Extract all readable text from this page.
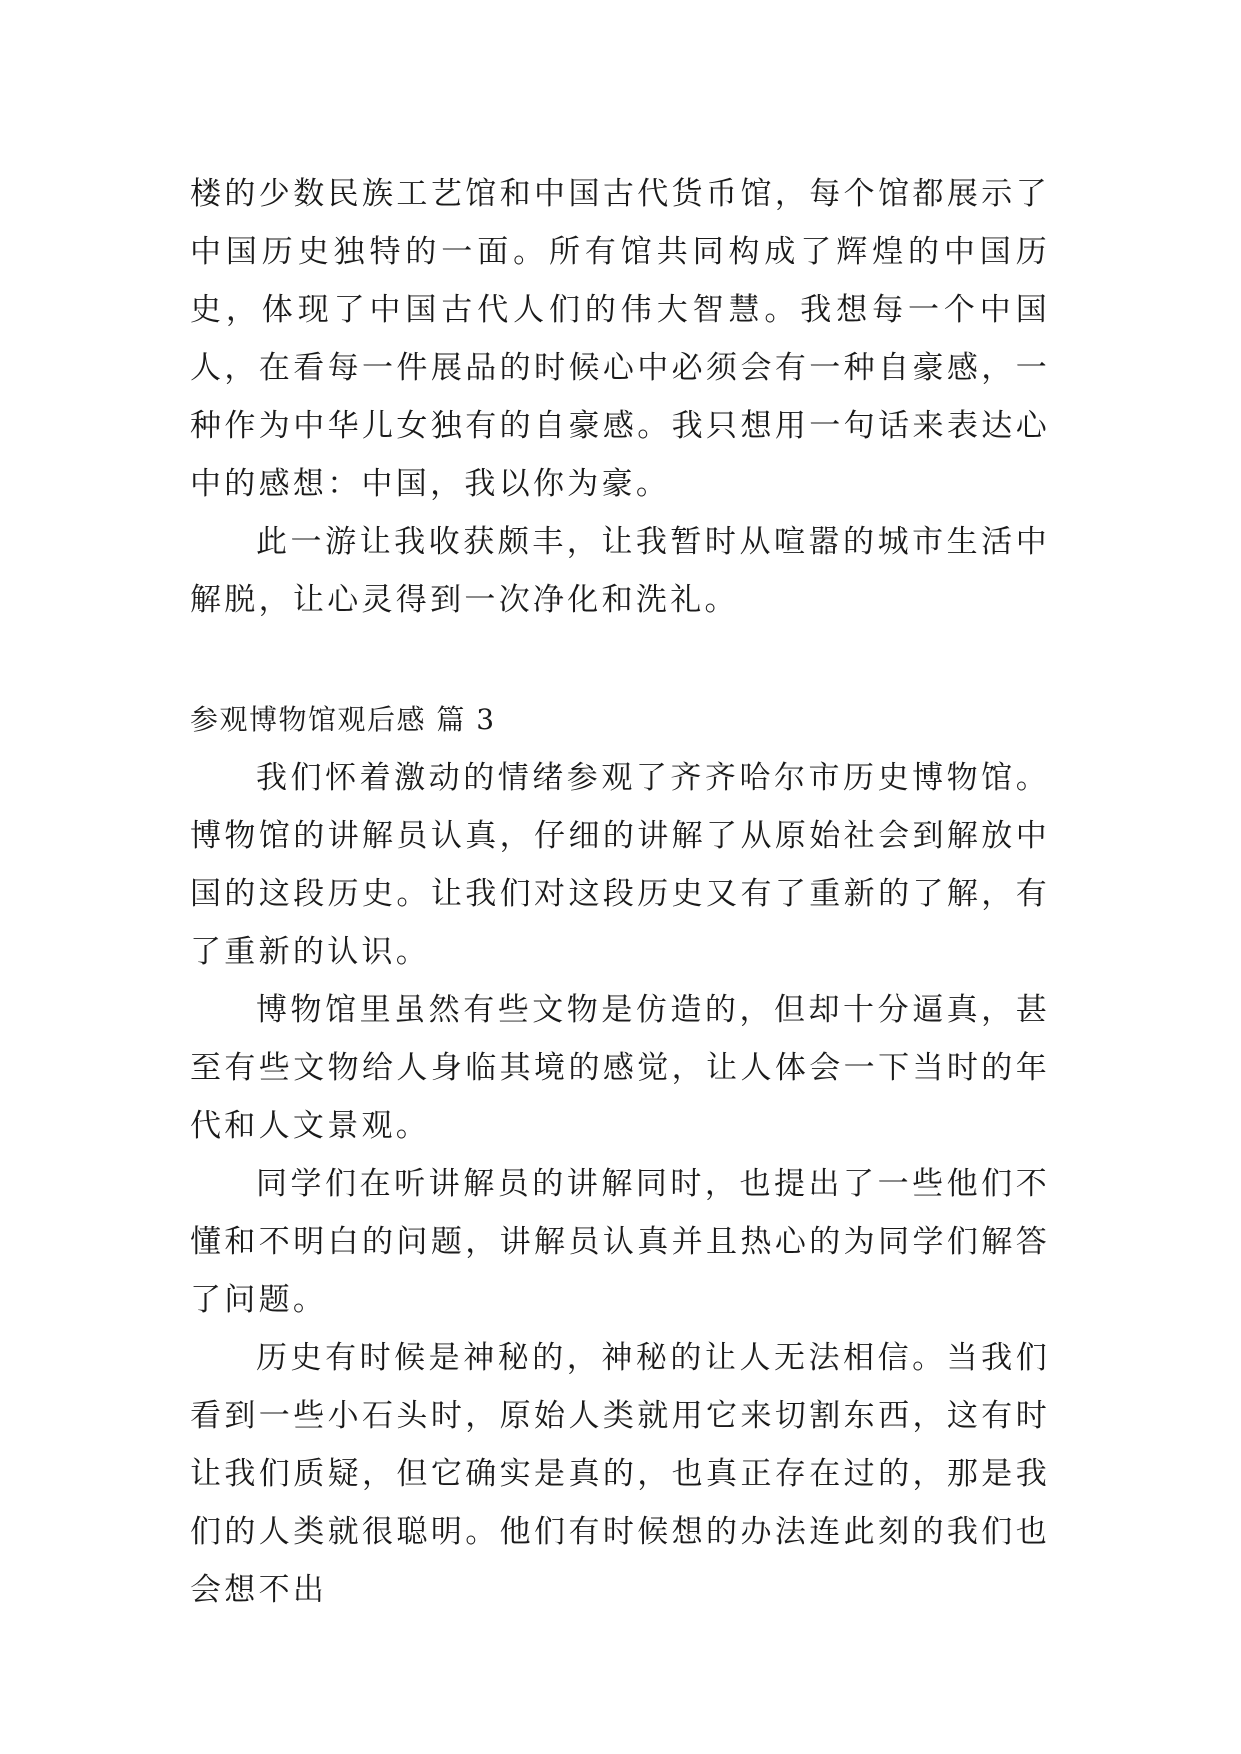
楼的少数民族工艺馆和中国古代货币馆，每个馆都展示了中国历史独特的一面。所有馆共同构成了辉煌的中国历史，体现了中国古代人们的伟大智慧。我想每一个中国人，在看每一件展品的时候心中必须会有一种自豪感，一种作为中华儿女独有的自豪感。我只想用一句话来表达心中的感想：中国，我以你为豪。

此一游让我收获颇丰，让我暂时从喧嚣的城市生活中解脱，让心灵得到一次净化和洗礼。

参观博物馆观后感 篇 3

我们怀着激动的情绪参观了齐齐哈尔市历史博物馆。博物馆的讲解员认真，仔细的讲解了从原始社会到解放中国的这段历史。让我们对这段历史又有了重新的了解，有了重新的认识。

博物馆里虽然有些文物是仿造的，但却十分逼真，甚至有些文物给人身临其境的感觉，让人体会一下当时的年代和人文景观。

同学们在听讲解员的讲解同时，也提出了一些他们不懂和不明白的问题，讲解员认真并且热心的为同学们解答了问题。

历史有时候是神秘的，神秘的让人无法相信。当我们看到一些小石头时，原始人类就用它来切割东西，这有时让我们质疑，但它确实是真的，也真正存在过的，那是我们的人类就很聪明。他们有时候想的办法连此刻的我们也会想不出
